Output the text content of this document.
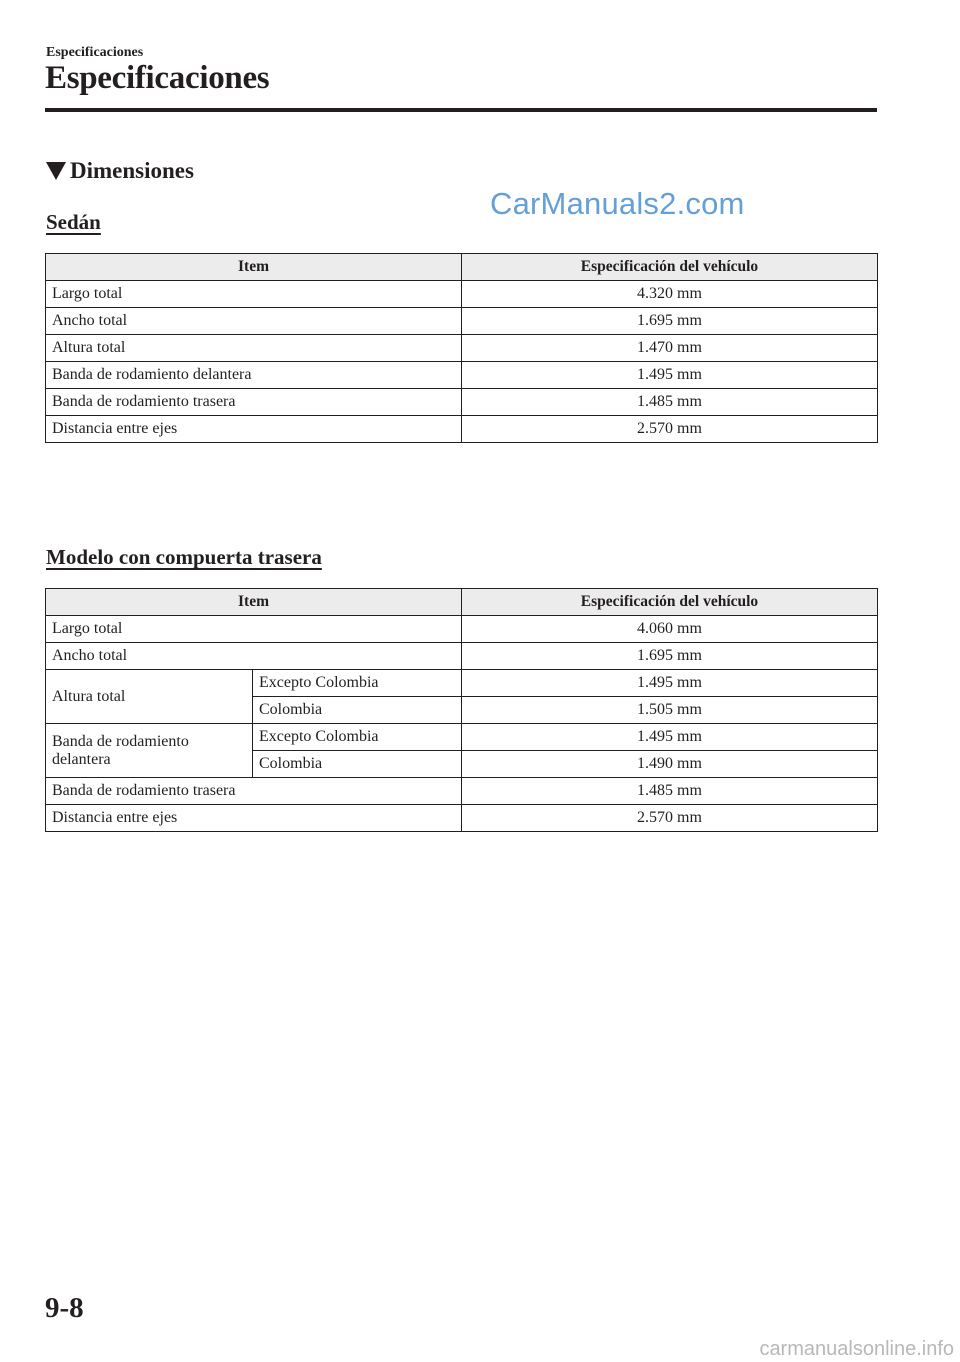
Especificaciones
Especificaciones
Dimensiones
CarManuals2.com
Sedán
Item	Especificación del vehículo
Largo total	4.320 mm
Ancho total	1.695 mm
Altura total	1.470 mm
Banda de rodamiento delantera	1.495 mm
Banda de rodamiento trasera	1.485 mm
Distancia entre ejes	2.570 mm
Modelo con compuerta trasera
Item		Especificación del vehículo
Largo total		4.060 mm
Ancho total		1.695 mm
Altura total	Excepto Colombia	1.495 mm
	Colombia	1.505 mm
Banda de rodamiento delantera	Excepto Colombia	1.495 mm
	Colombia	1.490 mm
Banda de rodamiento trasera		1.485 mm
Distancia entre ejes		2.570 mm
9-8
carmanualsonline.info
